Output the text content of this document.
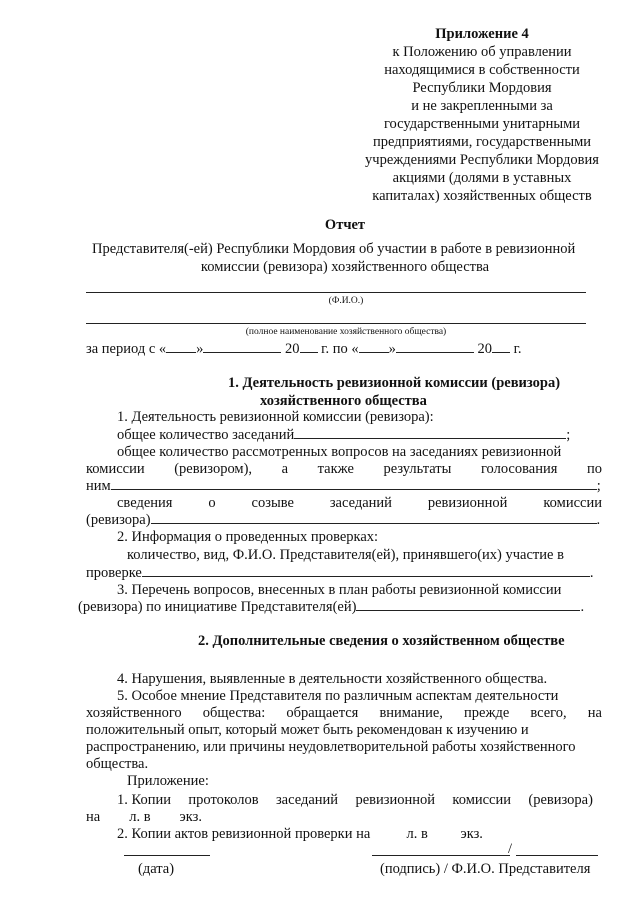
Приложение 4
к Положению об управлении
находящимися в собственности
Республики Мордовия
и не закрепленными за
государственными унитарными
предприятиями, государственными
учреждениями Республики Мордовия
акциями (долями в уставных
капиталах) хозяйственных обществ
Отчет
Представителя(-ей) Республики Мордовия об участии в работе в ревизионной
комиссии (ревизора) хозяйственного общества
(Ф.И.О.)
(полное наименование хозяйственного общества)
за период с « »	20 г. по « »	20 г.
1. Деятельность ревизионной комиссии (ревизора)
хозяйственного общества
1. Деятельность ревизионной комиссии (ревизора):
общее количество заседаний	;
общее количество рассмотренных вопросов на заседаниях ревизионной
комиссии (ревизором), а также результаты голосования по
ним	;
сведения о созыве заседаний ревизионной комиссии
(ревизора)	.
2. Информация о проведенных проверках:
количество, вид, Ф.И.О. Представителя(ей), принявшего(их) участие в
проверке	.
3. Перечень вопросов, внесенных в план работы ревизионной комиссии
(ревизора) по инициативе Представителя(ей)	.
2. Дополнительные сведения о хозяйственном обществе
4. Нарушения, выявленные в деятельности хозяйственного общества.
5. Особое мнение Представителя по различным аспектам деятельности
хозяйственного общества: обращается внимание, прежде всего, на
положительный опыт, который может быть рекомендован к изучению и
распространению, или причины неудовлетворительной работы хозяйственного
общества.
Приложение:
1. Копии протоколов заседаний ревизионной комиссии (ревизора)
на л. в экз.
2. Копии актов ревизионной проверки на	л. в экз.
/
(дата)	(подпись) / Ф.И.О. Представителя
